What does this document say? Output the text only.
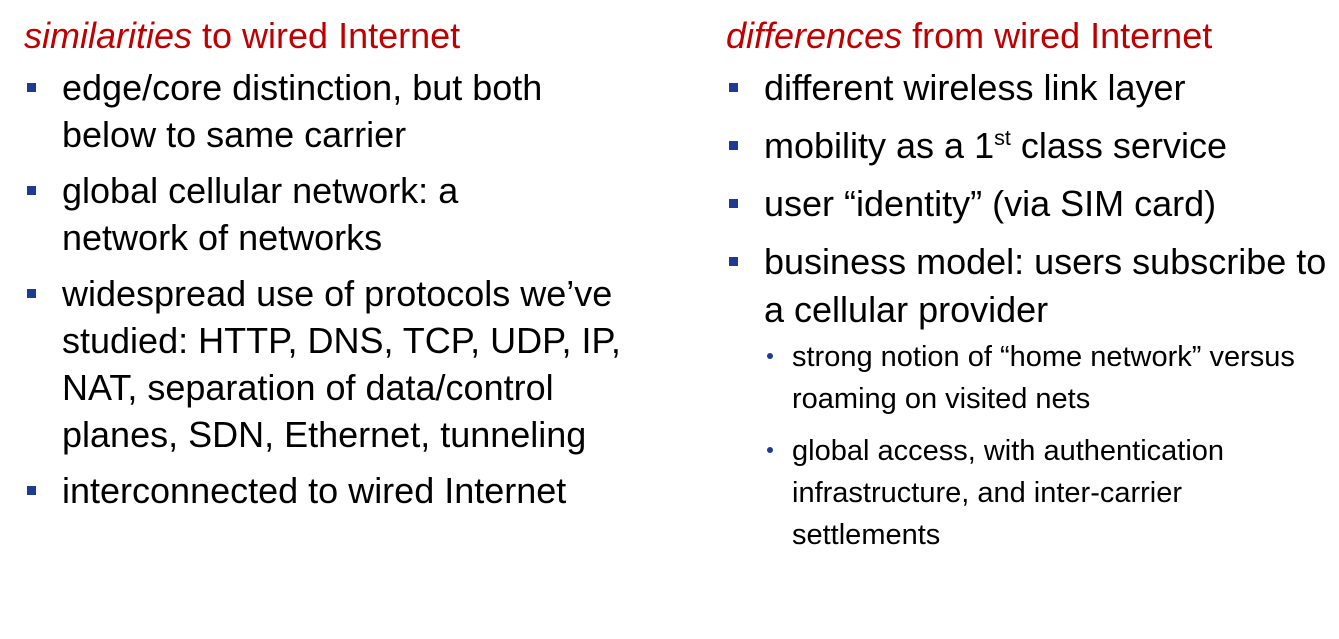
similarities to wired Internet
edge/core distinction, but both below to same carrier
global cellular network: a network of networks
widespread use of protocols we’ve studied: HTTP, DNS, TCP, UDP, IP, NAT, separation of data/control planes, SDN, Ethernet, tunneling
interconnected to wired Internet
differences from wired Internet
different wireless link layer
mobility as a 1st class service
user “identity” (via SIM card)
business model: users subscribe to a cellular provider
strong notion of “home network” versus roaming on visited nets
global access, with authentication infrastructure, and inter-carrier settlements
